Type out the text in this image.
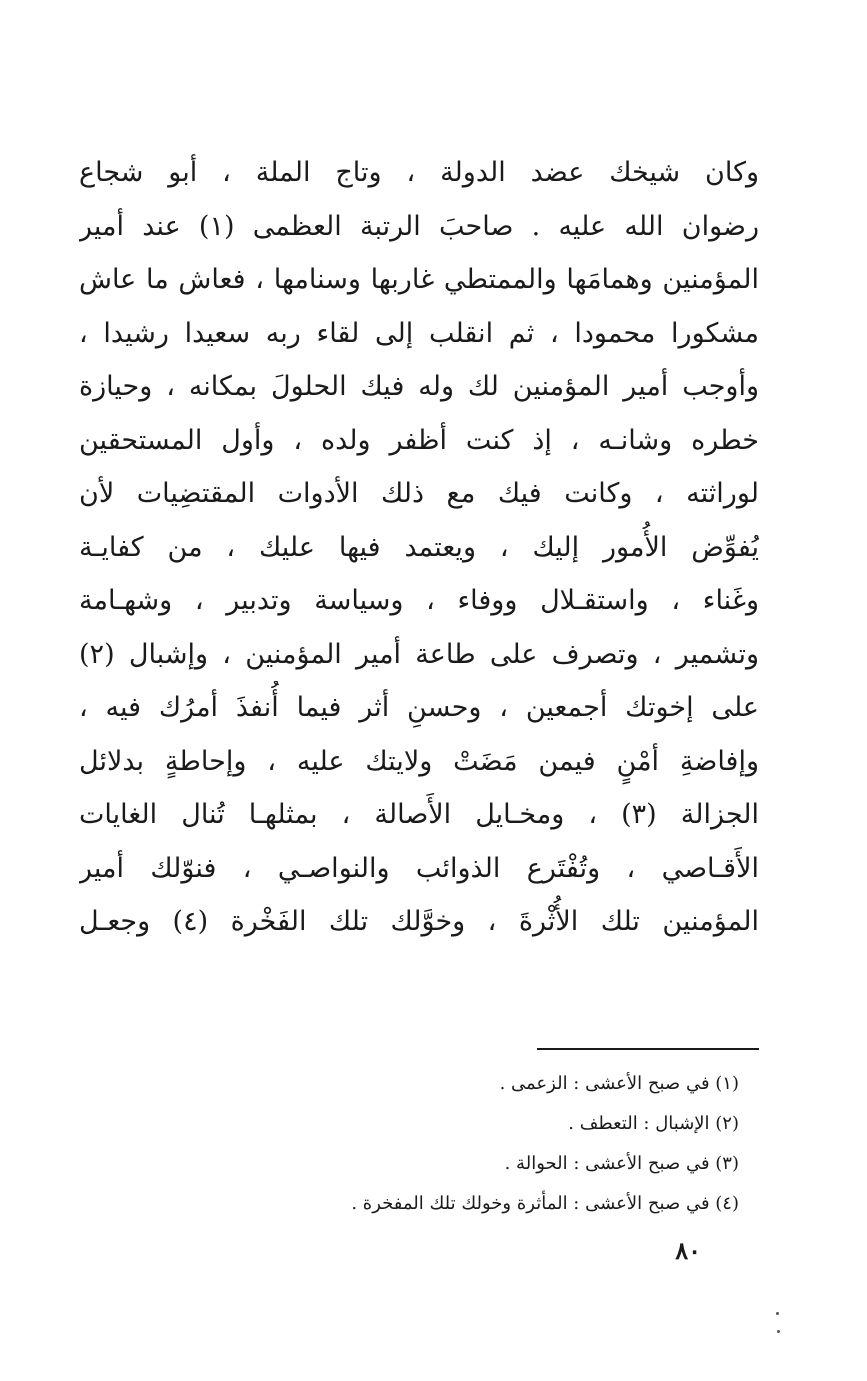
وكان شيخك عضد الدولة ، وتاج الملة ، أبو شجاع
رضوان الله عليه . صاحبَ الرتبة العظمى (١) عند أمير
المؤمنين وهمامَها والممتطي غاربها وسنامها ، فعاش ما عاش
مشكورا محمودا ، ثم انقلب إلى لقاء ربه سعيدا رشيدا ،
وأوجب أمير المؤمنين لك وله فيك الحلولَ بمكانه ، وحيازة
خطره وشانـه ، إذ كنت أظفر ولده ، وأول المستحقين
لوراثته ، وكانت فيك مع ذلك الأدوات المقتضِيات لأن
يُفوِّض الأُمور إليك ، ويعتمد فيها عليك ، من كفايـة
وغَناء ، واستقـلال ووفاء ، وسياسة وتدبير ، وشهـامة
وتشمير ، وتصرف على طاعة أمير المؤمنين ، وإشبال (٢)
على إخوتك أجمعين ، وحسنِ أثر فيما أُنفذَ أمرُك فيه ،
وإفاضةِ أمْنٍ فيمن مَضَتْ ولايتك عليه ، وإحاطةٍ بدلائل
الجزالة (٣) ، ومخـايل الأَصالة ، بمثلهـا تُنال الغايات
الأَقـاصي ، وتُفْتَرع الذوائب والنواصـي ، فنوّلك أمير
المؤمنين تلك الأُثْرةَ ، وخوَّلك تلك الفَخْرة (٤) وجعـل
(١) في صبح الأعشى : الزعمى .
(٢) الإشبال : التعطف .
(٣) في صبح الأعشى : الحوالة .
(٤) في صبح الأعشى : المأثرة وخولك تلك المفخرة .
٨٠
